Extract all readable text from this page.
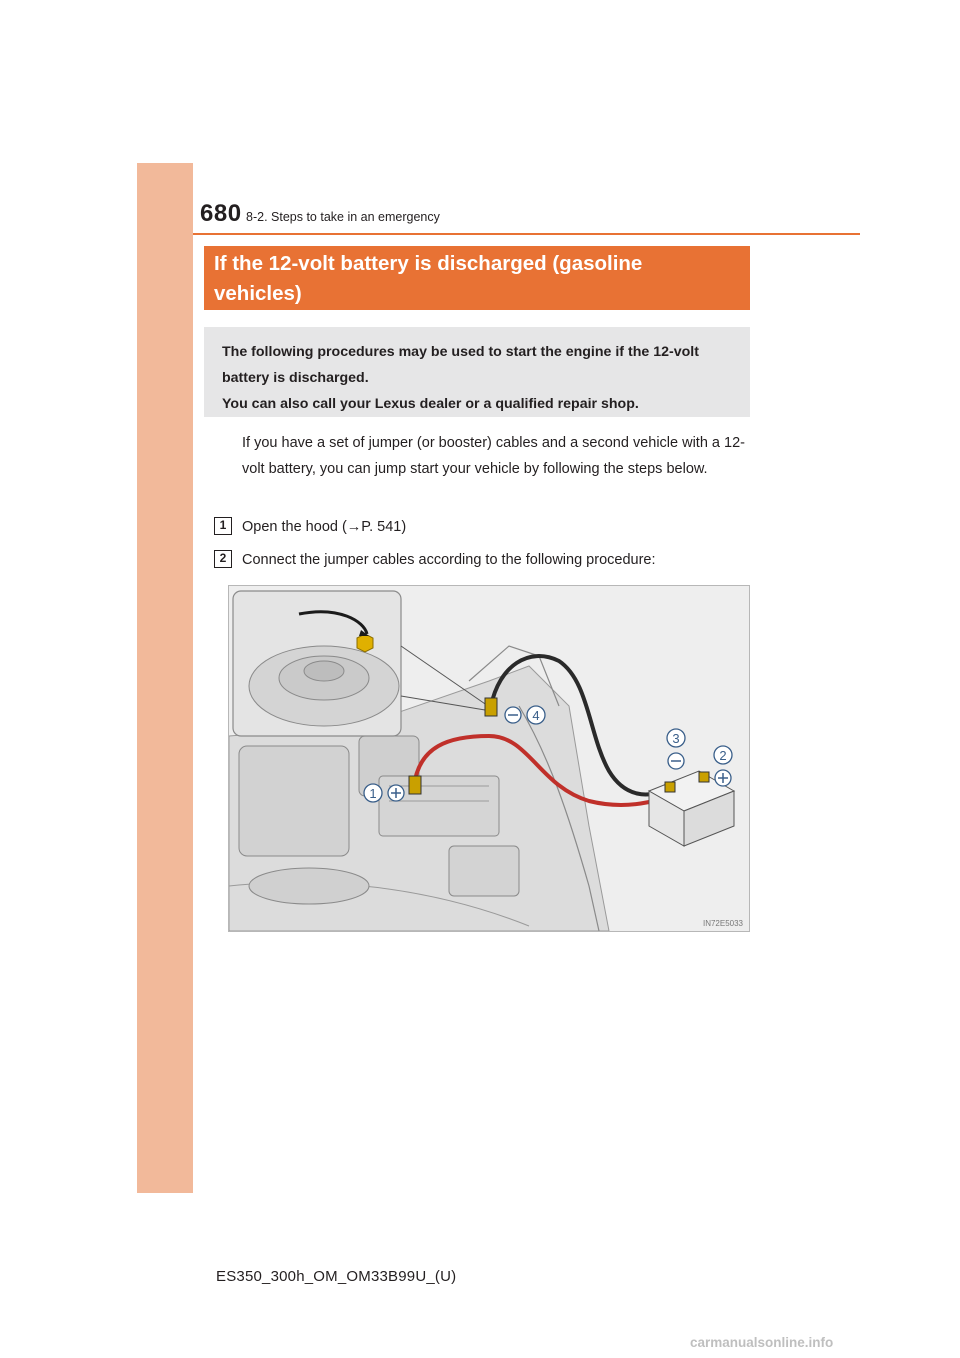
680 8-2. Steps to take in an emergency
If the 12-volt battery is discharged (gasoline
vehicles)
The following procedures may be used to start the engine if the 12-volt
battery is discharged.
You can also call your Lexus dealer or a qualified repair shop.
If you have a set of jumper (or booster) cables and a second vehicle with a 12-volt battery, you can jump start your vehicle by following the steps below.
1	Open the hood (→P. 541)
2	Connect the jumper cables according to the following procedure:
4
1
3
2
IN72E5033
ES350_300h_OM_OM33B99U_(U)
carmanualsonline.info
